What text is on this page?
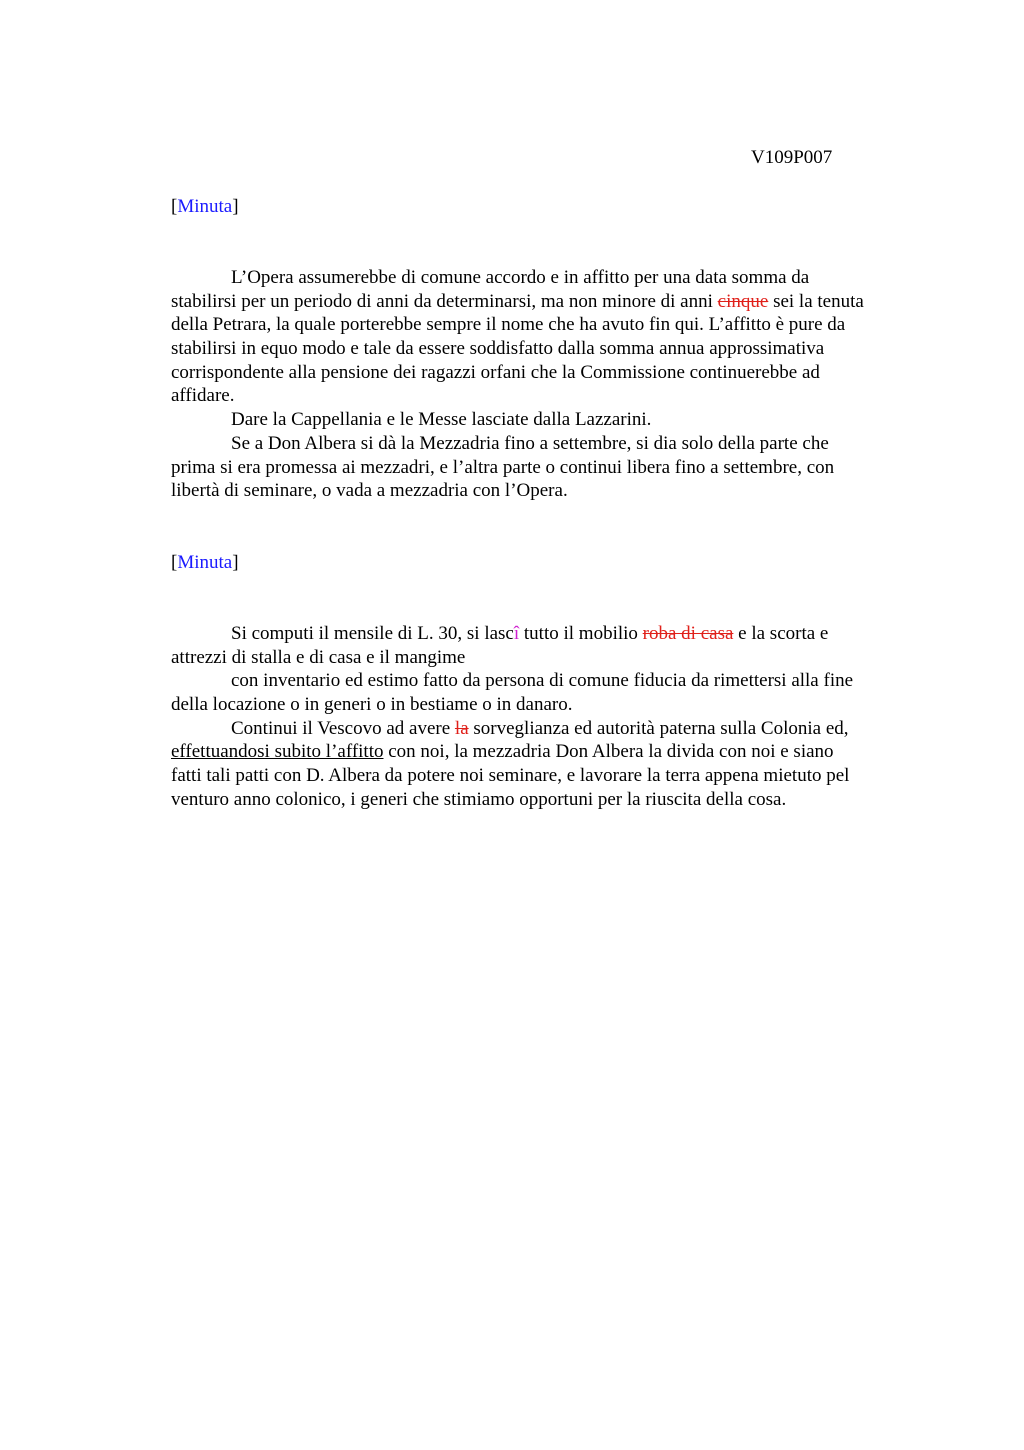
V109P007
[Minuta]
L’Opera assumerebbe di comune accordo e in affitto per una data somma da
stabilirsi per un periodo di anni da determinarsi, ma non minore di anni cinque sei la tenuta
della Petrara, la quale porterebbe sempre il nome che ha avuto fin qui. L’affitto è pure da
stabilirsi in equo modo e tale da essere soddisfatto dalla somma annua approssimativa
corrispondente alla pensione dei ragazzi orfani che la Commissione continuerebbe ad
affidare.
Dare la Cappellania e le Messe lasciate dalla Lazzarini.
Se a Don Albera si dà la Mezzadria fino a settembre, si dia solo della parte che
prima si era promessa ai mezzadri, e l’altra parte o continui libera fino a settembre, con
libertà di seminare, o vada a mezzadria con l’Opera.
[Minuta]
Si computi il mensile di L. 30, si lascî tutto il mobilio roba di casa e la scorta e
attrezzi di stalla e di casa e il mangime
con inventario ed estimo fatto da persona di comune fiducia da rimettersi alla fine
della locazione o in generi o in bestiame o in danaro.
Continui il Vescovo ad avere la sorveglianza ed autorità paterna sulla Colonia ed,
effettuandosi subito l’affitto con noi, la mezzadria Don Albera la divida con noi e siano
fatti tali patti con D. Albera da potere noi seminare, e lavorare la terra appena mietuto pel
venturo anno colonico, i generi che stimiamo opportuni per la riuscita della cosa.
